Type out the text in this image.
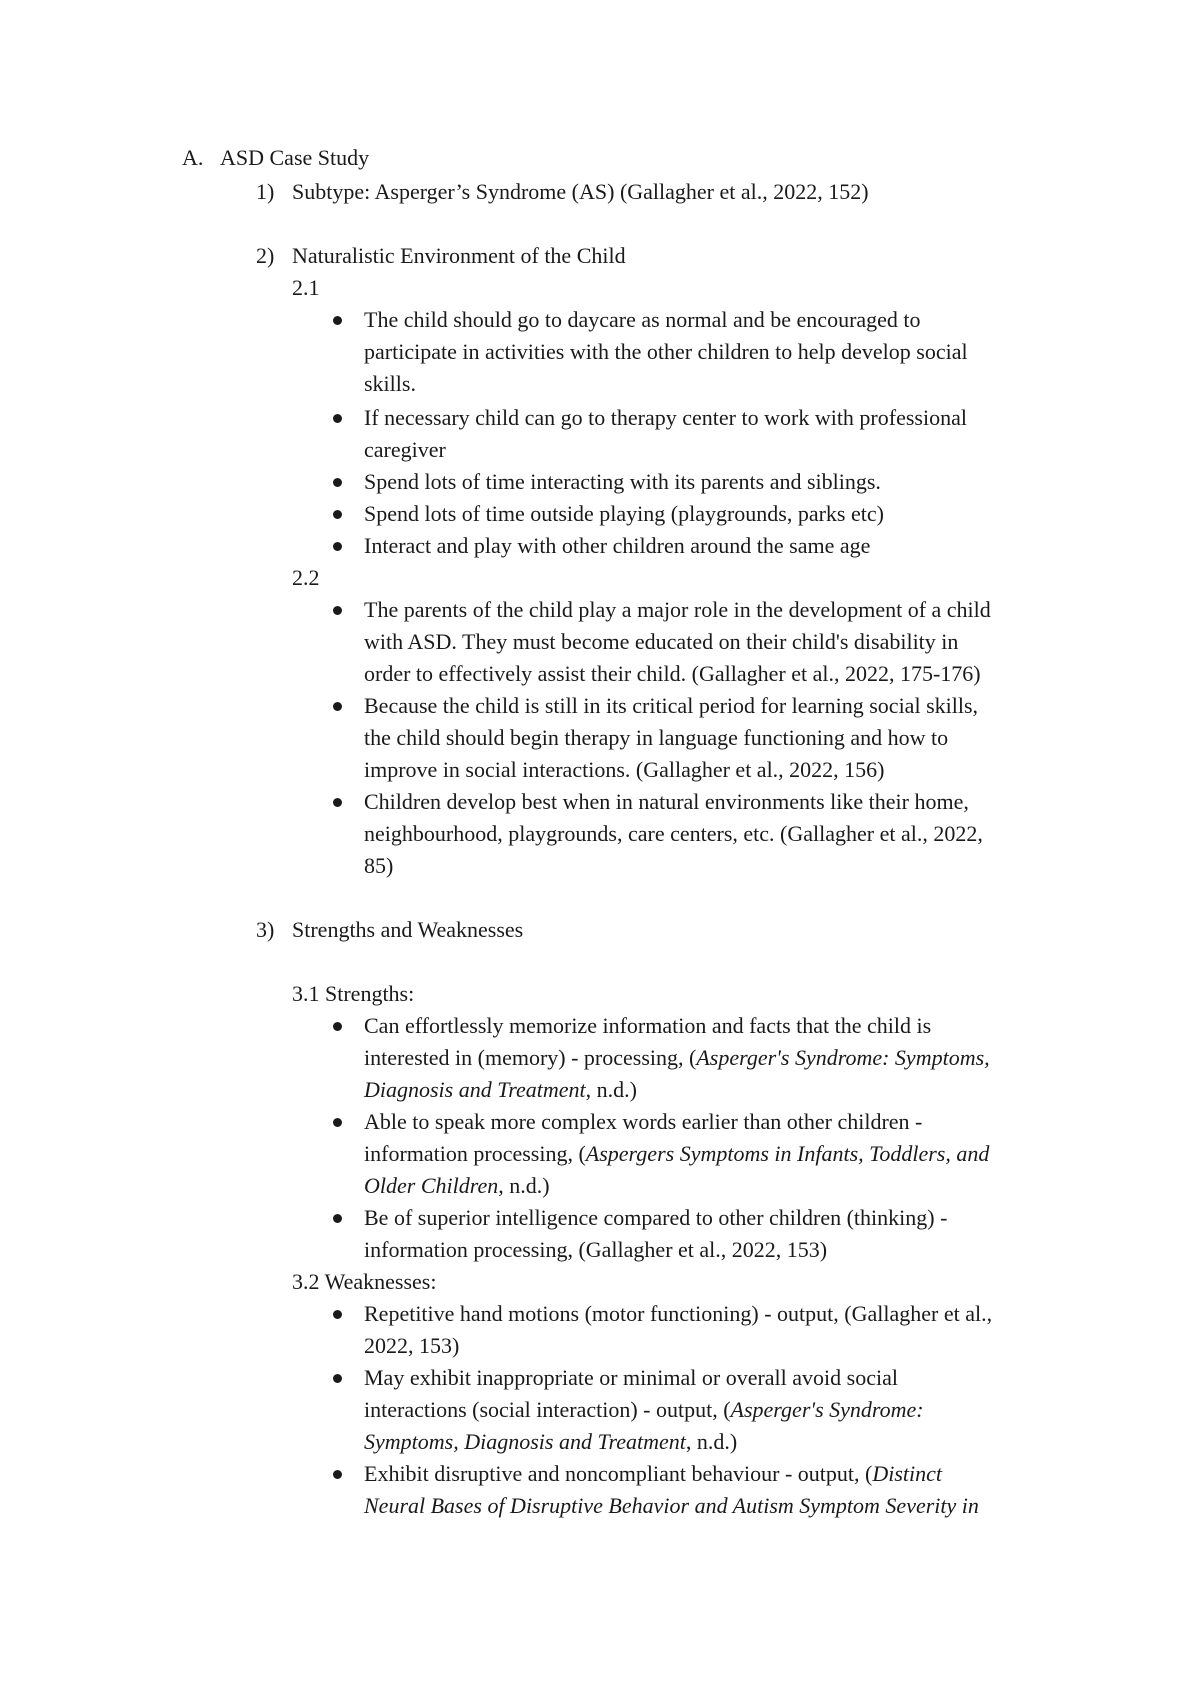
A. ASD Case Study
1) Subtype: Asperger’s Syndrome (AS) (Gallagher et al., 2022, 152)
2) Naturalistic Environment of the Child
2.1
The child should go to daycare as normal and be encouraged to
participate in activities with the other children to help develop social
skills.
If necessary child can go to therapy center to work with professional
caregiver
Spend lots of time interacting with its parents and siblings.
Spend lots of time outside playing (playgrounds, parks etc)
Interact and play with other children around the same age
2.2
The parents of the child play a major role in the development of a child
with ASD. They must become educated on their child's disability in
order to effectively assist their child. (Gallagher et al., 2022, 175-176)
Because the child is still in its critical period for learning social skills,
the child should begin therapy in language functioning and how to
improve in social interactions. (Gallagher et al., 2022, 156)
Children develop best when in natural environments like their home,
neighbourhood, playgrounds, care centers, etc. (Gallagher et al., 2022,
85)
3) Strengths and Weaknesses
3.1 Strengths:
Can effortlessly memorize information and facts that the child is
interested in (memory) - processing, (Asperger's Syndrome: Symptoms,
Diagnosis and Treatment, n.d.)
Able to speak more complex words earlier than other children -
information processing, (Aspergers Symptoms in Infants, Toddlers, and
Older Children, n.d.)
Be of superior intelligence compared to other children (thinking) -
information processing, (Gallagher et al., 2022, 153)
3.2 Weaknesses:
Repetitive hand motions (motor functioning) - output, (Gallagher et al.,
2022, 153)
May exhibit inappropriate or minimal or overall avoid social
interactions (social interaction) - output, (Asperger's Syndrome:
Symptoms, Diagnosis and Treatment, n.d.)
Exhibit disruptive and noncompliant behaviour - output, (Distinct
Neural Bases of Disruptive Behavior and Autism Symptom Severity in
